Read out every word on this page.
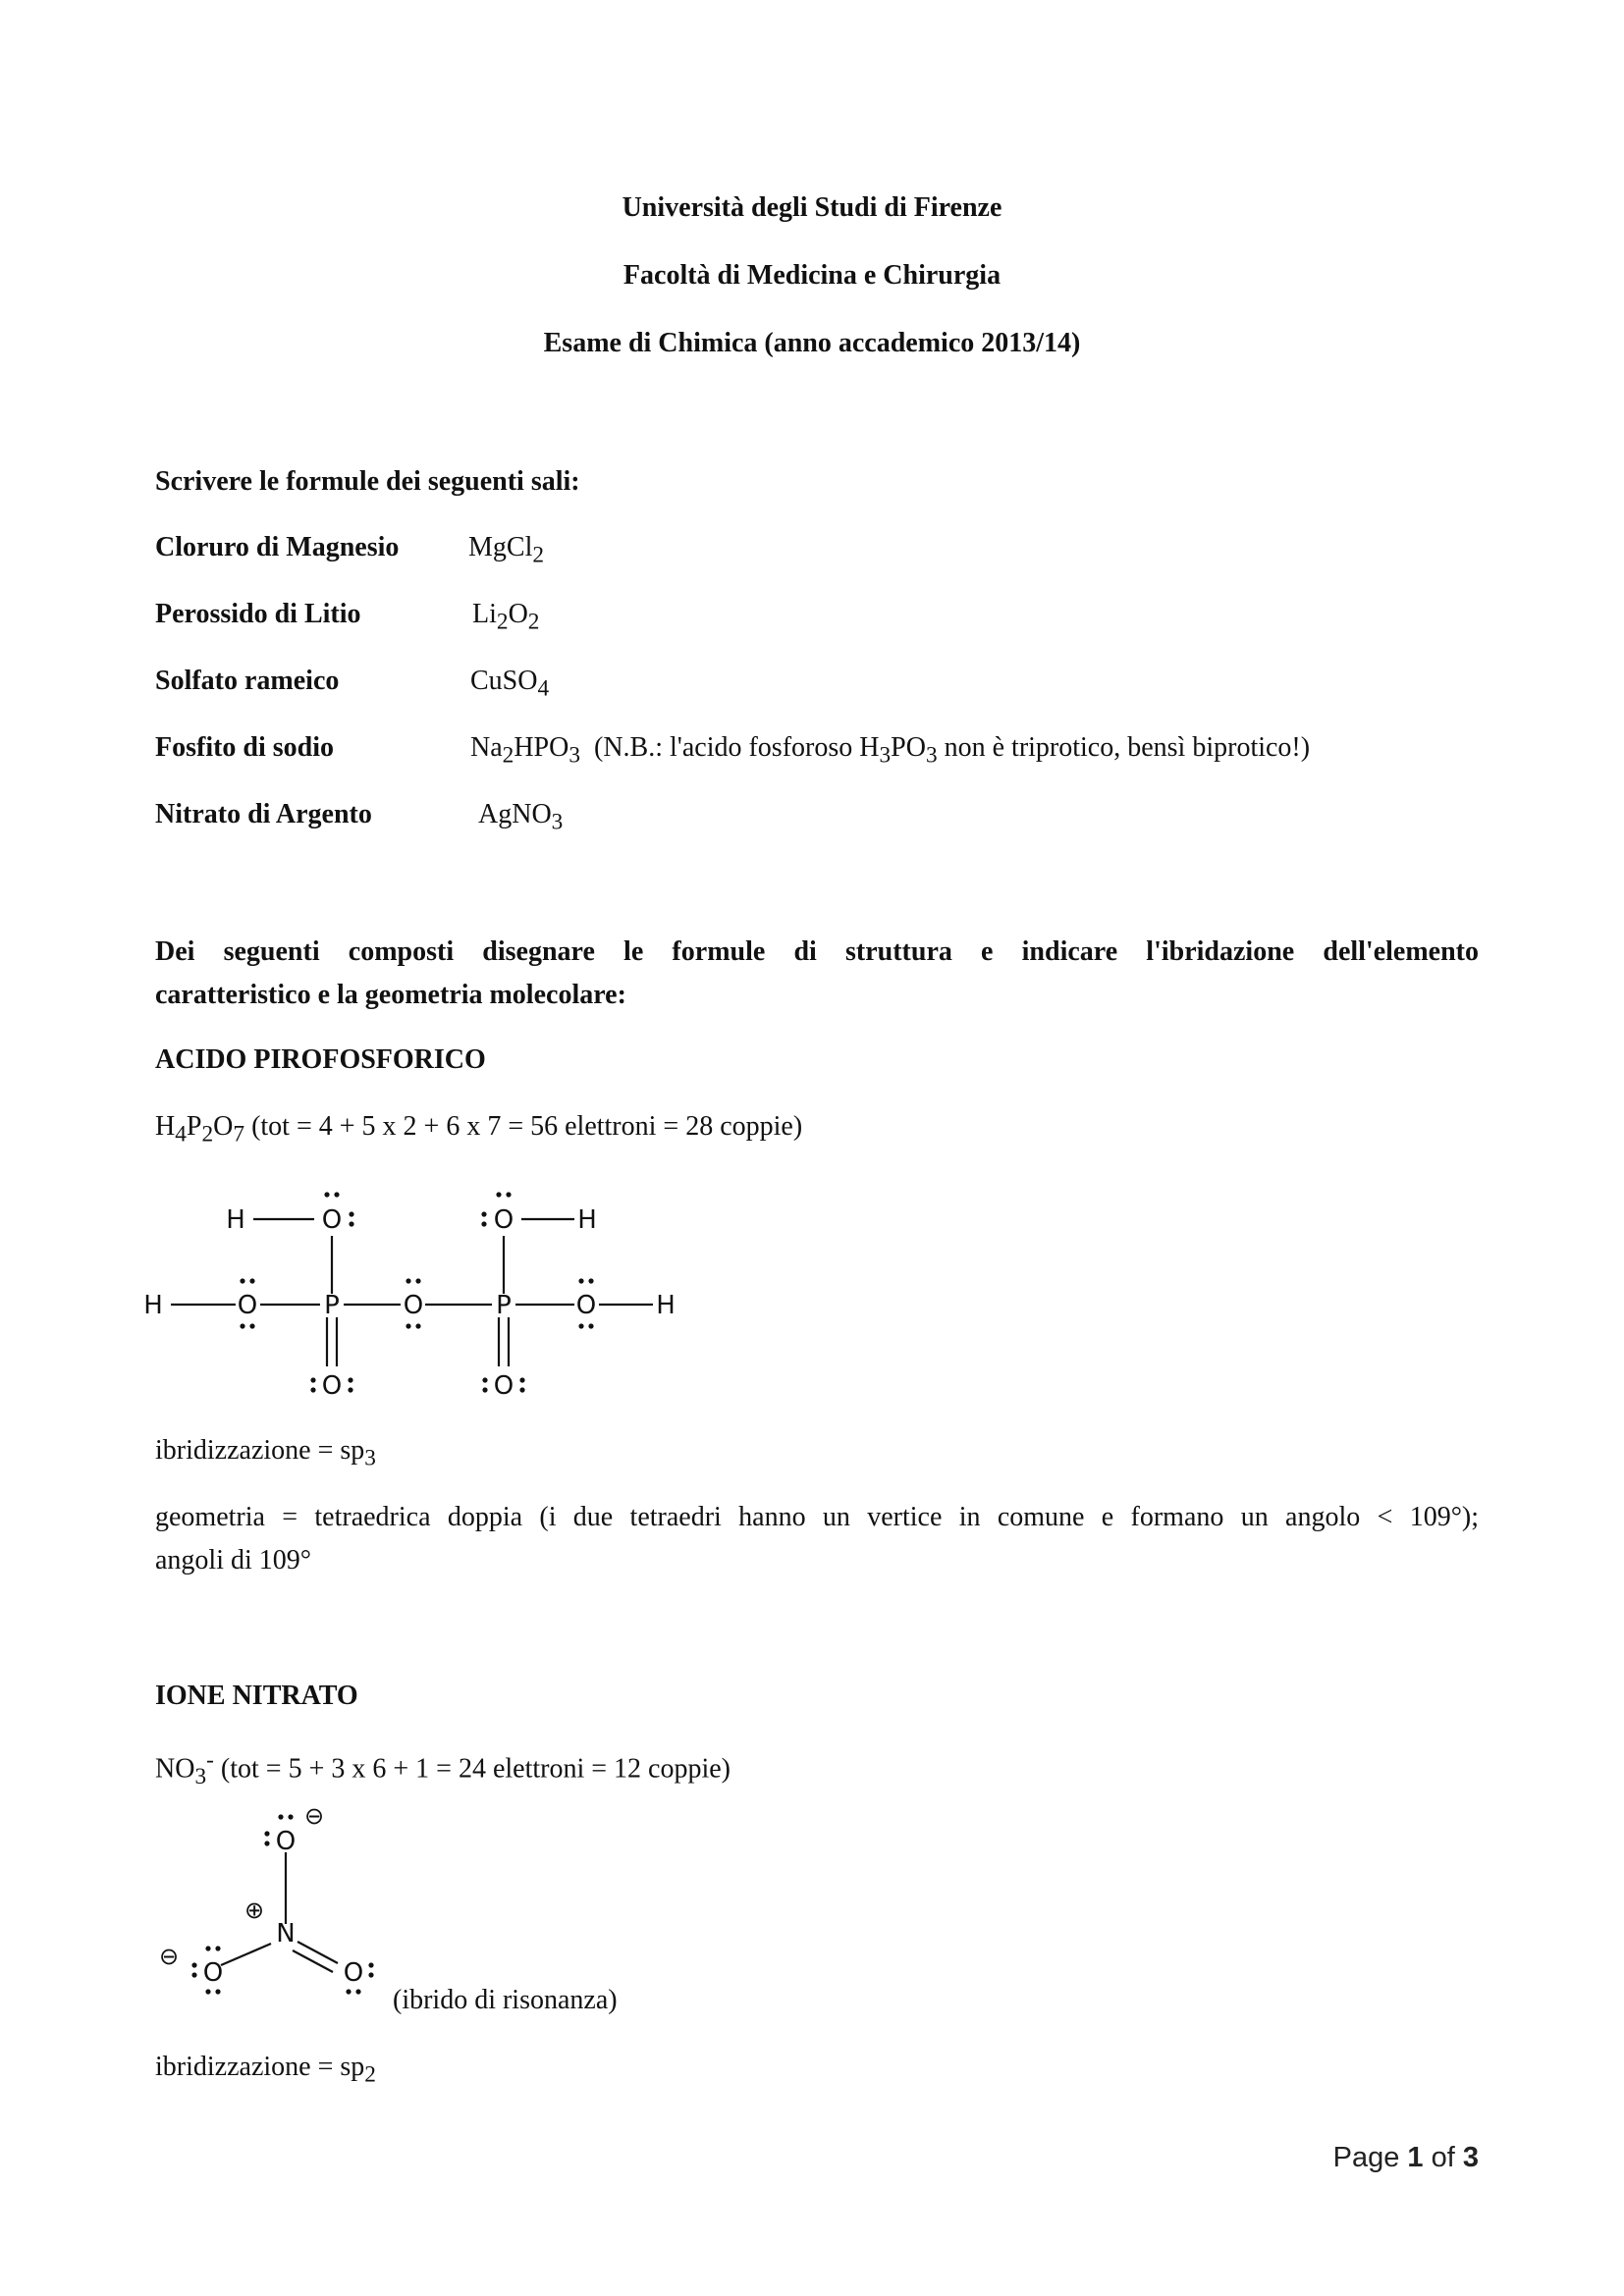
Università degli Studi di Firenze
Facoltà di Medicina e Chirurgia
Esame di Chimica (anno accademico 2013/14)
Scrivere le formule dei seguenti sali:
Cloruro di Magnesio	MgCl$_2$
Perossido di Litio	$Li_2O_2$
Solfato rameico	CuSO$_4$
Fosfito di sodio	$Na_2HPO_3$ (N.B.: l'acido fosforoso $H_3PO_3$ non è triprotico, bensì biprotico!)
Nitrato di Argento	AgNO$_3$
Dei seguenti composti disegnare le formule di struttura e indicare l'ibridazione dell'elemento
caratteristico e la geometria molecolare:
ACIDO PIROFOSFORICO
$H_4P_2O_7$ (tot = 4 + 5 x 2 + 6 x 7 = 56 elettroni = 28 coppie)
H	O	O H
H	O	P O	P	O H
O	O
ibridizzazione = $sp_3$
geometria = tetraedrica doppia (i due tetraedri hanno un vertice in comune e formano un angolo < 109°);
angoli di 109°
IONE NITRATO
$NO_3^-$ (tot = 5 + 3 x 6 + 1 = 24 elettroni = 12 coppie)
O
N
O	O
⊖
⊕
⊖
(ibrido di risonanza)
ibridizzazione = $sp_2$
Page 1 of 3
